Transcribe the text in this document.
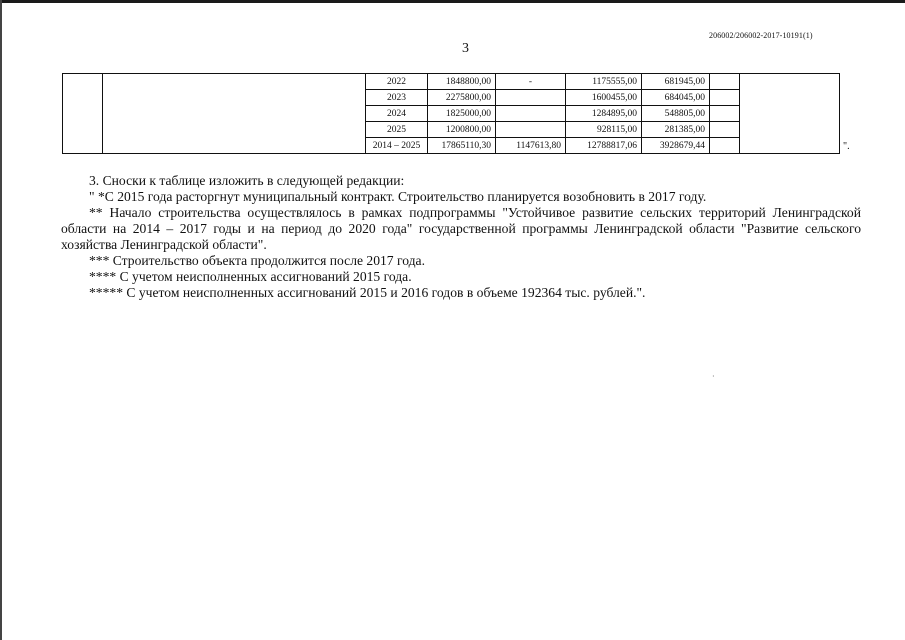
206002/206002-2017-10191(1)
3
		2022	1848800,00	-	1175555,00	681945,00		
		2023	2275800,00		1600455,00	684045,00		
		2024	1825000,00		1284895,00	548805,00		
		2025	1200800,00		928115,00	281385,00		
		2014 – 2025	17865110,30	1147613,80	12788817,06	3928679,44			".

3. Сноски к таблице изложить в следующей редакции:

" *С 2015 года расторгнут муниципальный контракт. Строительство планируется возобновить в 2017 году.

** Начало строительства осуществлялось в рамках подпрограммы "Устойчивое развитие сельских территорий Ленинградской области на 2014 – 2017 годы и на период до 2020 года" государственной программы Ленинградской области "Развитие сельского хозяйства Ленинградской области".

*** Строительство объекта продолжится после 2017 года.

**** С учетом неисполненных ассигнований 2015 года.

***** С учетом неисполненных ассигнований 2015 и 2016 годов в объеме 192364 тыс. рублей.".

·
